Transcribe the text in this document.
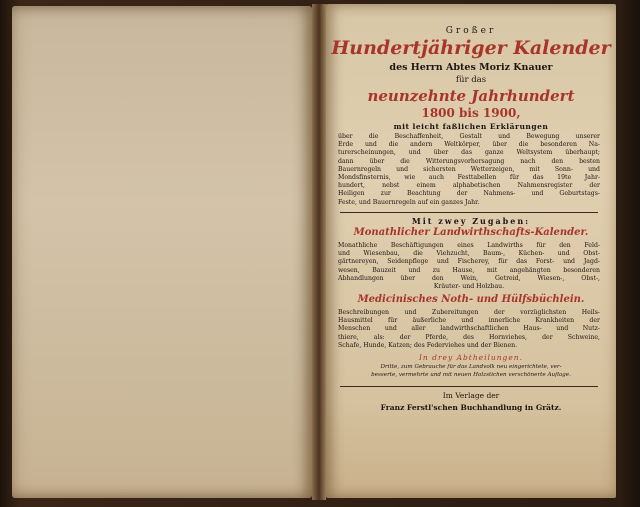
Großer
Hundertjähriger Kalender
des Herrn Abtes Moriz Knauer
für das
neunzehnte Jahrhundert
1800 bis 1900,
mit leicht faßlichen Erklärungen
über die Beschaffenheit, Gestalt und Bewegung unserer
Erde und die andern Weltkörper, über die besonderen Na-
turerscheinungen, und über das ganze Weltsystem überhaupt;
dann über die Witterungsvorhersagung nach den besten
Bauernregeln und sichersten Wetterzeigen, mit Sonn- und
Mondsfinsternis, wie auch Festtabellen für das 19te Jahr-
hundert, nebst einem alphabetischen Nahmensregister der
Heiligen zur Beachtung der Nahmens- und Geburtstags-
Feste, und Bauernregeln auf ein ganzes Jahr.
Mit zwey Zugaben:
Monathlicher Landwirthschafts-Kalender.
Monathliche Beschäftigungen eines Landwirths für den Feld-
und Wiesenbau, die Viehzucht, Baum-, Küchen- und Obst-
gärtnereyen, Seidenpflege und Fischerey, für das Forst- und Jagd-
wesen, Bauzeit und zu Hause, mit angehängten besonderen
Abhandlungen über den Wein, Getreid, Wiesen-, Obst-,
Kräuter- und Holzbau.
Medicinisches Noth- und Hülfsbüchlein.
Beschreibungen und Zubereitungen der vorzüglichsten Heils-
Hausmittel für äußerliche und innerliche Krankheiten der
Menschen und aller landwirthschaftlichen Haus- und Nutz-
thiere, als: der Pferde, des Hornviehes, der Schweine,
Schafe, Hunde, Katzen; des Federviehes und der Bienen.
In drey Abtheilungen.
Dritte, zum Gebrauche für das Landvolk neu eingerichtete, ver-
besserte, vermehrte und mit neuen Holzstichen verschönerte Auflage.
Im Verlage der
Franz Ferstl'schen Buchhandlung in Grätz.
